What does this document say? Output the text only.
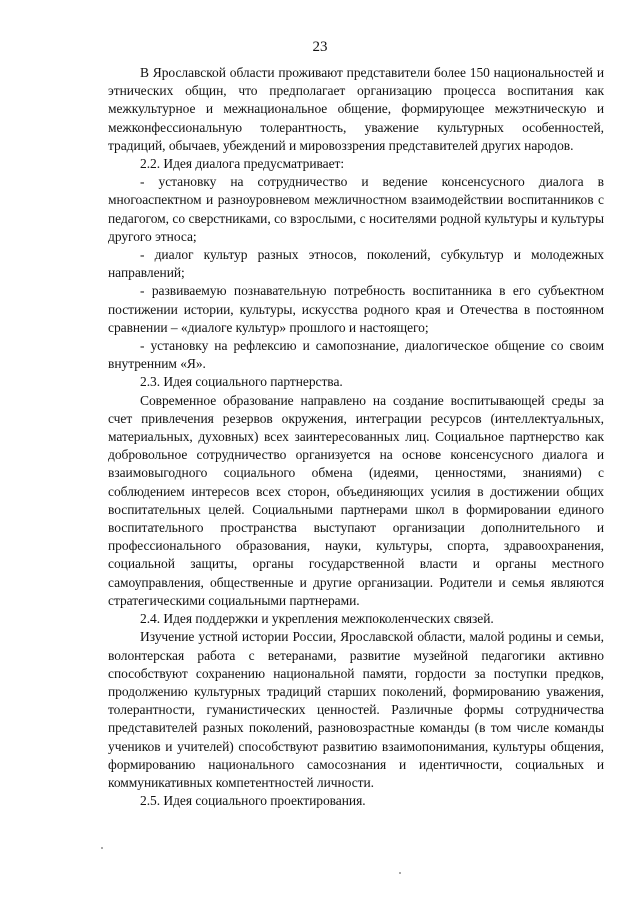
23

В Ярославской области проживают представители более 150 национальностей и этнических общин, что предполагает организацию процесса воспитания как межкультурное и межнациональное общение, формирующее межэтническую и межконфессиональную толерантность, уважение культурных особенностей, традиций, обычаев, убеждений и мировоззрения представителей других народов.

2.2. Идея диалога предусматривает:

- установку на сотрудничество и ведение консенсусного диалога в многоаспектном и разноуровневом межличностном взаимодействии воспитанников с педагогом, со сверстниками, со взрослыми, с носителями родной культуры и культуры другого этноса;

- диалог культур разных этносов, поколений, субкультур и молодежных направлений;

- развиваемую познавательную потребность воспитанника в его субъектном постижении истории, культуры, искусства родного края и Отечества в постоянном сравнении – «диалоге культур» прошлого и настоящего;

- установку на рефлексию и самопознание, диалогическое общение со своим внутренним «Я».

2.3. Идея социального партнерства.

Современное образование направлено на создание воспитывающей среды за счет привлечения резервов окружения, интеграции ресурсов (интеллектуальных, материальных, духовных) всех заинтересованных лиц. Социальное партнерство как добровольное сотрудничество организуется на основе консенсусного диалога и взаимовыгодного социального обмена (идеями, ценностями, знаниями) с соблюдением интересов всех сторон, объединяющих усилия в достижении общих воспитательных целей. Социальными партнерами школ в формировании единого воспитательного пространства выступают организации дополнительного и профессионального образования, науки, культуры, спорта, здравоохранения, социальной защиты, органы государственной власти и органы местного самоуправления, общественные и другие организации. Родители и семья являются стратегическими социальными партнерами.

2.4. Идея поддержки и укрепления межпоколенческих связей.

Изучение устной истории России, Ярославской области, малой родины и семьи, волонтерская работа с ветеранами, развитие музейной педагогики активно способствуют сохранению национальной памяти, гордости за поступки предков, продолжению культурных традиций старших поколений, формированию уважения, толерантности, гуманистических ценностей. Различные формы сотрудничества представителей разных поколений, разновозрастные команды (в том числе команды учеников и учителей) способствуют развитию взаимопонимания, культуры общения, формированию национального самосознания и идентичности, социальных и коммуникативных компетентностей личности.

2.5. Идея социального проектирования.
